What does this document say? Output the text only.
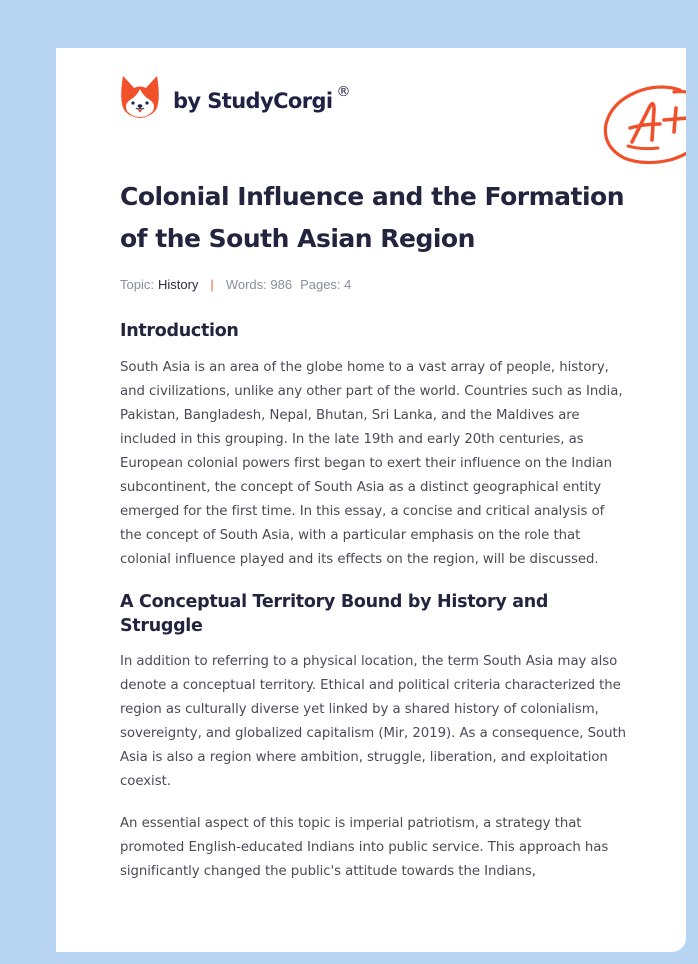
by StudyCorgi ®
Colonial Influence and the Formation of the South Asian Region
Topic: History | Words: 986 Pages: 4
Introduction

South Asia is an area of the globe home to a vast array of people, history, and civilizations, unlike any other part of the world. Countries such as India, Pakistan, Bangladesh, Nepal, Bhutan, Sri Lanka, and the Maldives are included in this grouping. In the late 19th and early 20th centuries, as European colonial powers first began to exert their influence on the Indian subcontinent, the concept of South Asia as a distinct geographical entity emerged for the first time. In this essay, a concise and critical analysis of the concept of South Asia, with a particular emphasis on the role that colonial influence played and its effects on the region, will be discussed.

A Conceptual Territory Bound by History and Struggle

In addition to referring to a physical location, the term South Asia may also denote a conceptual territory. Ethical and political criteria characterized the region as culturally diverse yet linked by a shared history of colonialism, sovereignty, and globalized capitalism (Mir, 2019). As a consequence, South Asia is also a region where ambition, struggle, liberation, and exploitation coexist.

An essential aspect of this topic is imperial patriotism, a strategy that promoted English-educated Indians into public service. This approach has significantly changed the public's attitude towards the Indians,
